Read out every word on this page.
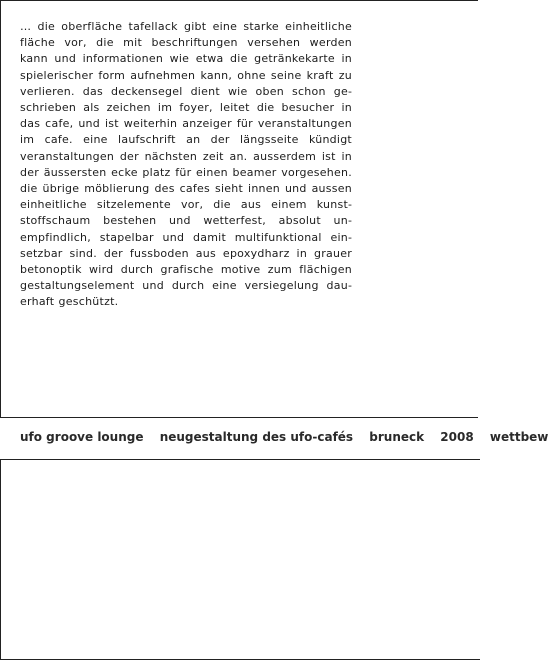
… die oberfläche tafellack gibt eine starke einheitliche fläche vor, die mit beschriftungen versehen werden kann und informationen wie etwa die getränkekarte in spielerischer form aufnehmen kann, ohne seine kraft zu verlieren. das deckensegel dient wie oben schon geschrieben als zeichen im foyer, leitet die besucher in das cafe, und ist weiterhin anzeiger für veranstaltungen im cafe. eine laufschrift an der längsseite kündigt veranstaltungen der nächsten zeit an. ausserdem ist in der äussersten ecke platz für einen beamer vorgesehen. die übrige möblierung des cafes sieht innen und aussen einheitliche sitzelemente vor, die aus einem kunststoffschaum bestehen und wetterfest, absolut unempfindlich, stapelbar und damit multifunktional einsetzbar sind. der fussboden aus epoxydharz in grauer betonoptik wird durch grafische motive zum flächigen gestaltungselement und durch eine versiegelung dauerhaft geschützt.

ufo groove lounge neugestaltung des ufo-cafés bruneck 2008 wettbew
